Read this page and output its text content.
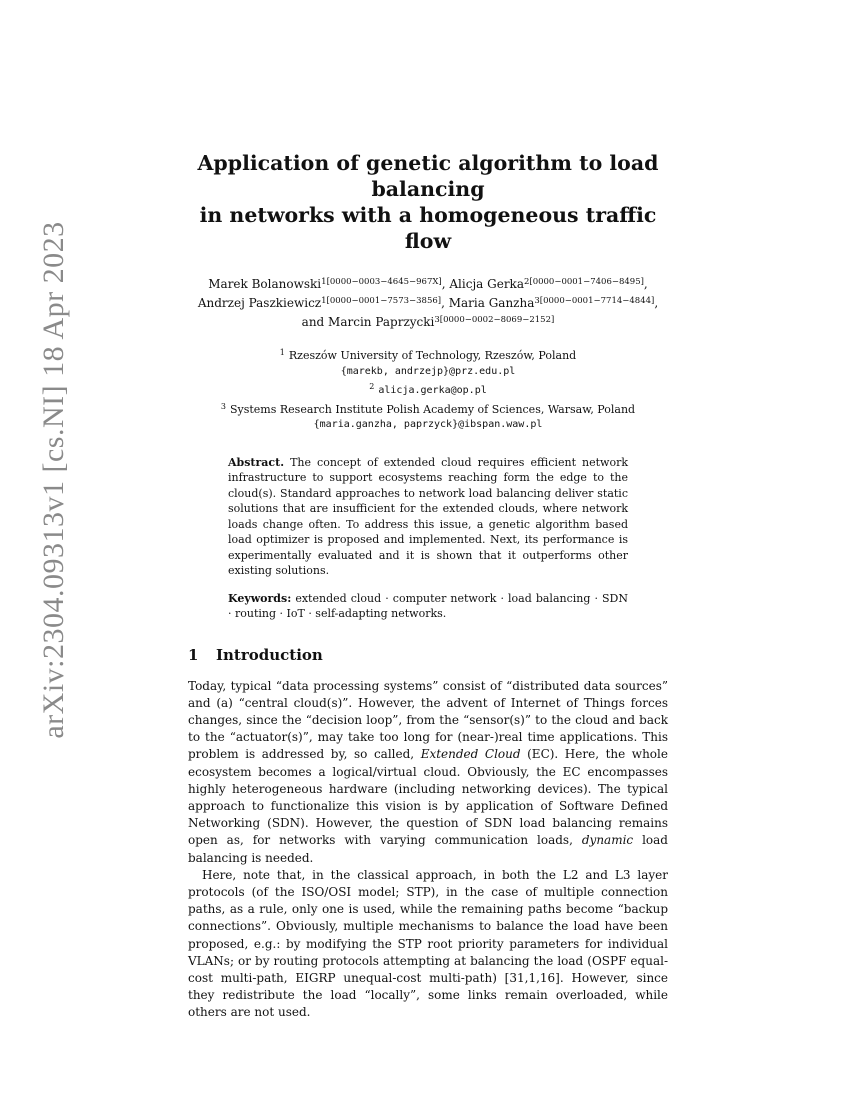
arXiv:2304.09313v1 [cs.NI] 18 Apr 2023
Application of genetic algorithm to load balancing
in networks with a homogeneous traffic flow
Marek Bolanowski$^{1[0000-0003-4645-967X]}$, Alicja Gerka$^{2[0000-0001-7406-8495]}$,
Andrzej Paszkiewicz$^{1[0000-0001-7573-3856]}$, Maria Ganzha$^{3[0000-0001-7714-4844]}$,
and Marcin Paprzycki$^{3[0000-0002-8069-2152]}$
$^1$ Rzeszów University of Technology, Rzeszów, Poland
{marekb, andrzejp}@prz.edu.pl
$^2$ alicja.gerka@op.pl
$^3$ Systems Research Institute Polish Academy of Sciences, Warsaw, Poland
{maria.ganzha, paprzyck}@ibspan.waw.pl

Abstract. The concept of extended cloud requires efficient network infrastructure to support ecosystems reaching form the edge to the cloud(s). Standard approaches to network load balancing deliver static solutions that are insufficient for the extended clouds, where network loads change often. To address this issue, a genetic algorithm based load optimizer is proposed and implemented. Next, its performance is experimentally evaluated and it is shown that it outperforms other existing solutions.

Keywords: extended cloud · computer network · load balancing · SDN · routing · IoT · self-adapting networks.

1 Introduction

Today, typical “data processing systems” consist of “distributed data sources” and (a) “central cloud(s)”. However, the advent of Internet of Things forces changes, since the “decision loop”, from the “sensor(s)” to the cloud and back to the “actuator(s)”, may take too long for (near-)real time applications. This problem is addressed by, so called, Extended Cloud (EC). Here, the whole ecosystem becomes a logical/virtual cloud. Obviously, the EC encompasses highly heterogeneous hardware (including networking devices). The typical approach to functionalize this vision is by application of Software Defined Networking (SDN). However, the question of SDN load balancing remains open as, for networks with varying communication loads, dynamic load balancing is needed.

Here, note that, in the classical approach, in both the L2 and L3 layer protocols (of the ISO/OSI model; STP), in the case of multiple connection paths, as a rule, only one is used, while the remaining paths become “backup connections”. Obviously, multiple mechanisms to balance the load have been proposed, e.g.: by modifying the STP root priority parameters for individual VLANs; or by routing protocols attempting at balancing the load (OSPF equal-cost multi-path, EIGRP unequal-cost multi-path) [31,1,16]. However, since they redistribute the load “locally”, some links remain overloaded, while others are not used.
